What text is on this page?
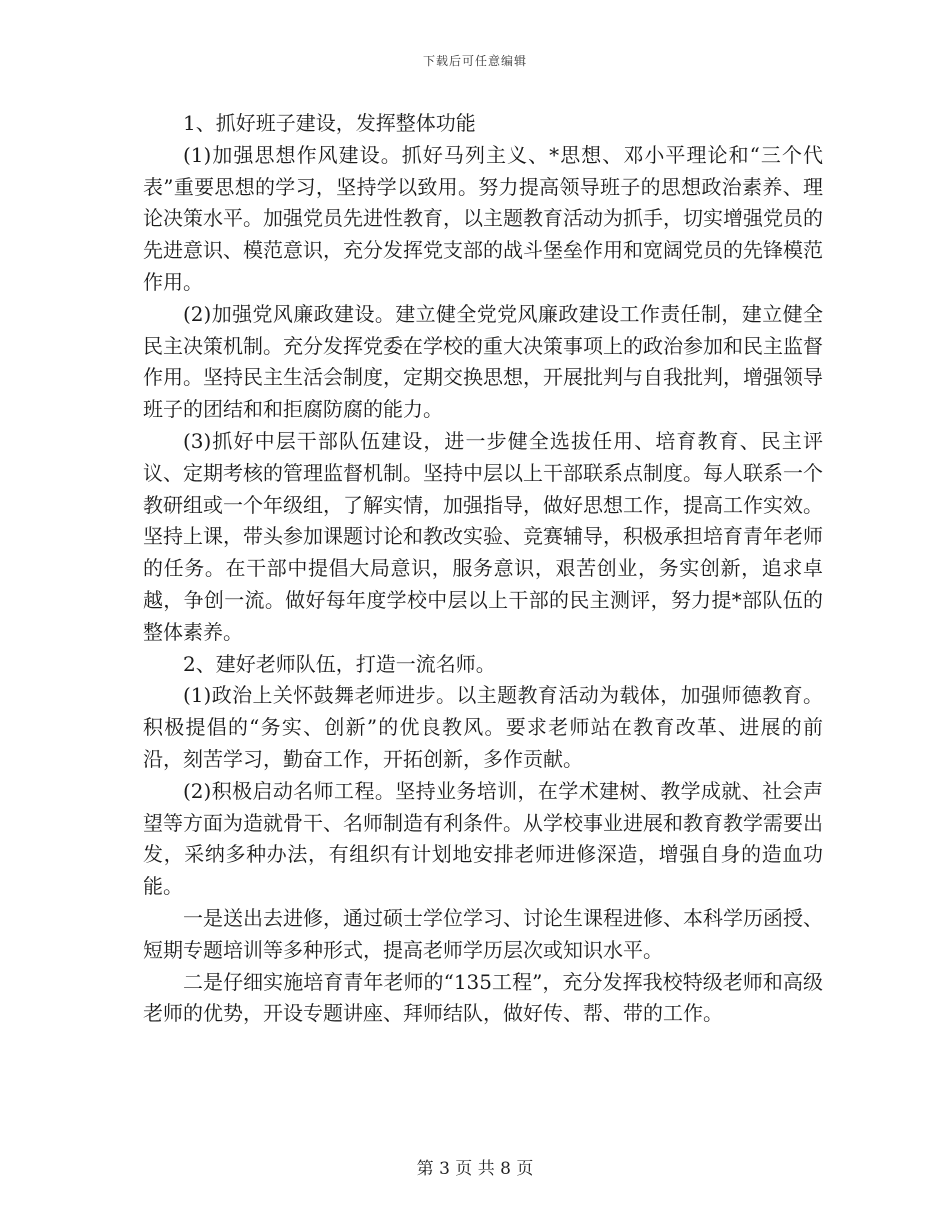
下载后可任意编辑

1、抓好班子建设，发挥整体功能

(1)加强思想作风建设。抓好马列主义、*思想、邓小平理论和“三个代表”重要思想的学习，坚持学以致用。努力提高领导班子的思想政治素养、理论决策水平。加强党员先进性教育，以主题教育活动为抓手，切实增强党员的先进意识、模范意识，充分发挥党支部的战斗堡垒作用和宽阔党员的先锋模范作用。

(2)加强党风廉政建设。建立健全党党风廉政建设工作责任制，建立健全民主决策机制。充分发挥党委在学校的重大决策事项上的政治参加和民主监督作用。坚持民主生活会制度，定期交换思想，开展批判与自我批判，增强领导班子的团结和和拒腐防腐的能力。

(3)抓好中层干部队伍建设，进一步健全选拔任用、培育教育、民主评议、定期考核的管理监督机制。坚持中层以上干部联系点制度。每人联系一个教研组或一个年级组，了解实情，加强指导，做好思想工作，提高工作实效。坚持上课，带头参加课题讨论和教改实验、竞赛辅导，积极承担培育青年老师的任务。在干部中提倡大局意识，服务意识，艰苦创业，务实创新，追求卓越，争创一流。做好每年度学校中层以上干部的民主测评，努力提*部队伍的整体素养。

2、建好老师队伍，打造一流名师。

(1)政治上关怀鼓舞老师进步。以主题教育活动为载体，加强师德教育。积极提倡的“务实、创新”的优良教风。要求老师站在教育改革、进展的前沿，刻苦学习，勤奋工作，开拓创新，多作贡献。

(2)积极启动名师工程。坚持业务培训，在学术建树、教学成就、社会声望等方面为造就骨干、名师制造有利条件。从学校事业进展和教育教学需要出发，采纳多种办法，有组织有计划地安排老师进修深造，增强自身的造血功能。

一是送出去进修，通过硕士学位学习、讨论生课程进修、本科学历函授、短期专题培训等多种形式，提高老师学历层次或知识水平。

二是仔细实施培育青年老师的“135工程”，充分发挥我校特级老师和高级老师的优势，开设专题讲座、拜师结队，做好传、帮、带的工作。

第 3 页 共 8 页
